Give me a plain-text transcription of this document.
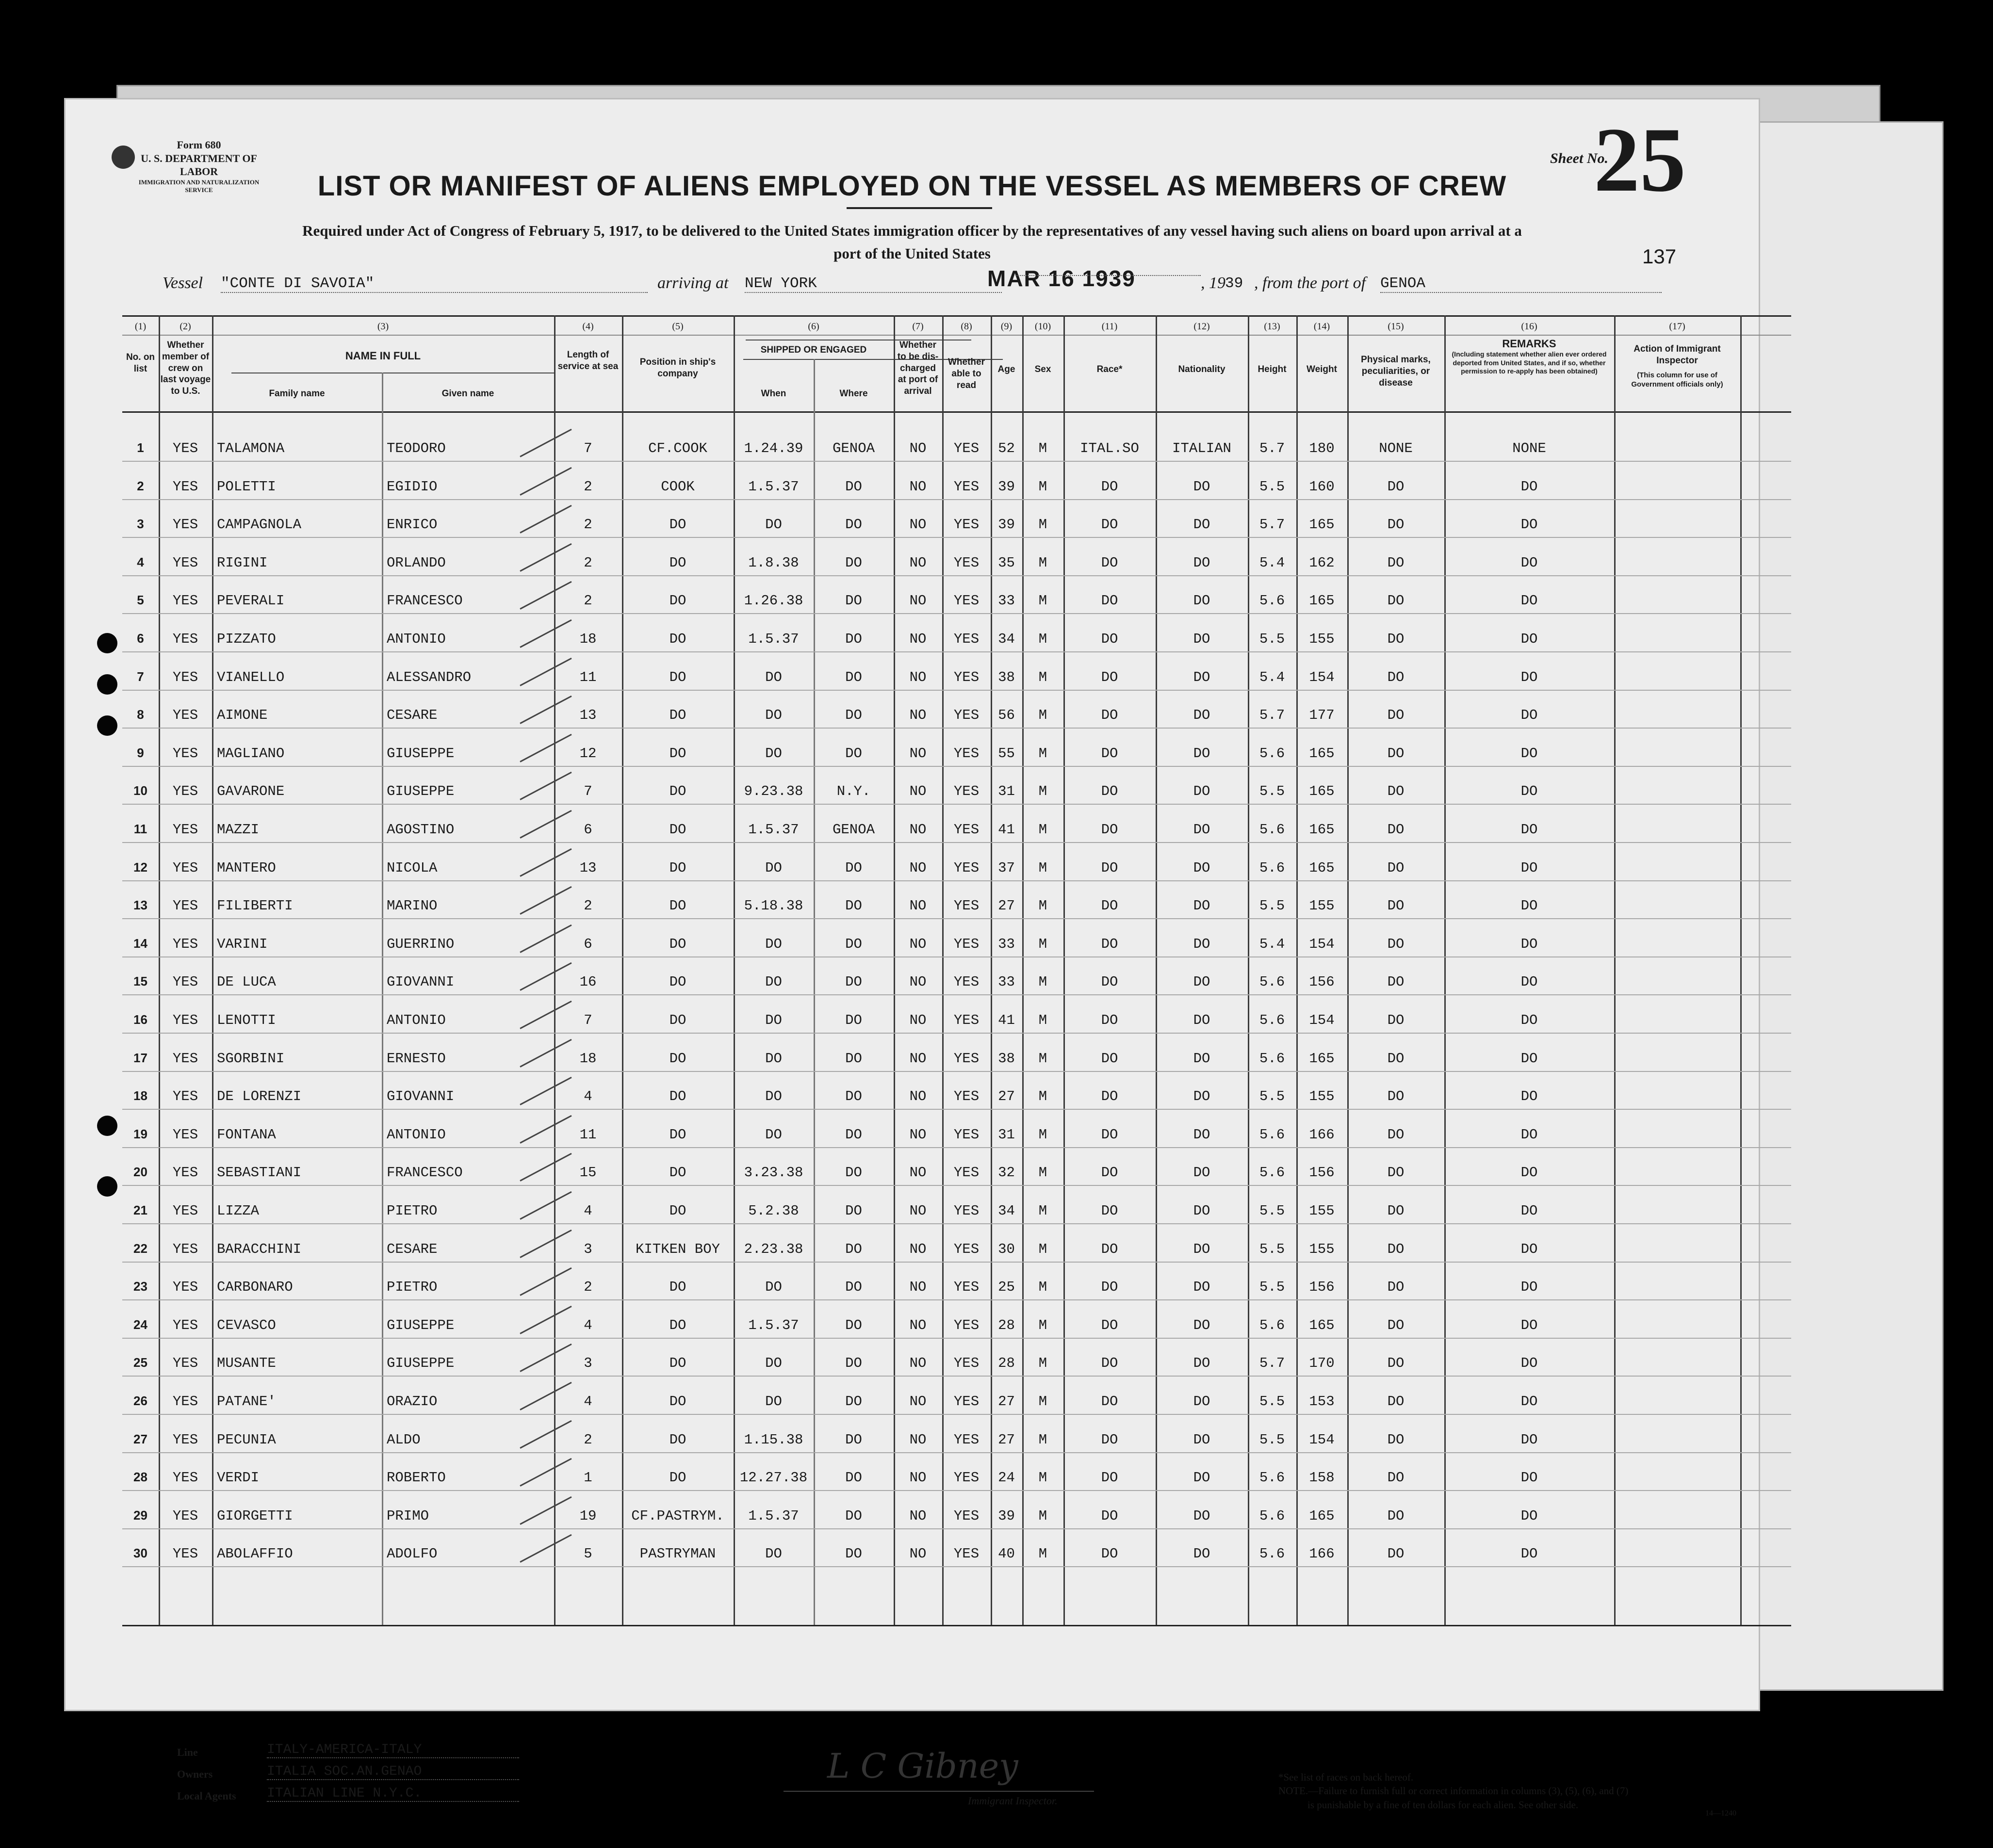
Form 680
U. S. DEPARTMENT OF LABOR
IMMIGRATION AND NATURALIZATION SERVICE
Sheet No.
25
LIST OR MANIFEST OF ALIENS EMPLOYED ON THE VESSEL AS MEMBERS OF CREW
Required under Act of Congress of February 5, 1917, to be delivered to the United States immigration officer by the representatives of any vessel having such aliens on board upon arrival at a
port of the United States	137
Vessel "CONTE DI SAVOIA"	arriving at NEW YORK	MAR 16 1939	, 19 39 , from the port of GENOA
(1)	(2)	(3)	(4)	(5)	(6)	(7)	(8)	(9)	(10)	(11)	(12)	(13)	(14)	(15)	(16)	(17)
No. on list
Whether member of crew on last voyage to U.S.
NAME IN FULL
Family name	Given name
Length of service at sea	Position in ship's company
SHIPPED OR ENGAGED
When	Where
Whether to be dis-charged at port of arrival
Whether able to read
Age	Sex	Race*	Nationality	Height	Weight
Physical marks, peculiarities, or disease
REMARKS
(Including statement whether alien ever ordered deported from United States, and if so, whether permission to re-apply has been obtained)
Action of Immigrant Inspector
(This column for use of Government officials only)
1	YES	TALAMONA	TEODORO	7	CF.COOK	1.24.39	GENOA	NO	YES	52	M	ITAL.SO	ITALIAN	5.7	180	NONE	NONE
2	YES	POLETTI	EGIDIO	2	COOK	1.5.37	DO	NO	YES	39	M	DO	DO	5.5	160	DO	DO
3	YES	CAMPAGNOLA	ENRICO	2	DO	DO	DO	NO	YES	39	M	DO	DO	5.7	165	DO	DO
4	YES	RIGINI	ORLANDO	2	DO	1.8.38	DO	NO	YES	35	M	DO	DO	5.4	162	DO	DO
5	YES	PEVERALI	FRANCESCO	2	DO	1.26.38	DO	NO	YES	33	M	DO	DO	5.6	165	DO	DO
6	YES	PIZZATO	ANTONIO	18	DO	1.5.37	DO	NO	YES	34	M	DO	DO	5.5	155	DO	DO
7	YES	VIANELLO	ALESSANDRO	11	DO	DO	DO	NO	YES	38	M	DO	DO	5.4	154	DO	DO
8	YES	AIMONE	CESARE	13	DO	DO	DO	NO	YES	56	M	DO	DO	5.7	177	DO	DO
9	YES	MAGLIANO	GIUSEPPE	12	DO	DO	DO	NO	YES	55	M	DO	DO	5.6	165	DO	DO
10	YES	GAVARONE	GIUSEPPE	7	DO	9.23.38	N.Y.	NO	YES	31	M	DO	DO	5.5	165	DO	DO
11	YES	MAZZI	AGOSTINO	6	DO	1.5.37	GENOA	NO	YES	41	M	DO	DO	5.6	165	DO	DO
12	YES	MANTERO	NICOLA	13	DO	DO	DO	NO	YES	37	M	DO	DO	5.6	165	DO	DO
13	YES	FILIBERTI	MARINO	2	DO	5.18.38	DO	NO	YES	27	M	DO	DO	5.5	155	DO	DO
14	YES	VARINI	GUERRINO	6	DO	DO	DO	NO	YES	33	M	DO	DO	5.4	154	DO	DO
15	YES	DE LUCA	GIOVANNI	16	DO	DO	DO	NO	YES	33	M	DO	DO	5.6	156	DO	DO
16	YES	LENOTTI	ANTONIO	7	DO	DO	DO	NO	YES	41	M	DO	DO	5.6	154	DO	DO
17	YES	SGORBINI	ERNESTO	18	DO	DO	DO	NO	YES	38	M	DO	DO	5.6	165	DO	DO
18	YES	DE LORENZI	GIOVANNI	4	DO	DO	DO	NO	YES	27	M	DO	DO	5.5	155	DO	DO
19	YES	FONTANA	ANTONIO	11	DO	DO	DO	NO	YES	31	M	DO	DO	5.6	166	DO	DO
20	YES	SEBASTIANI	FRANCESCO	15	DO	3.23.38	DO	NO	YES	32	M	DO	DO	5.6	156	DO	DO
21	YES	LIZZA	PIETRO	4	DO	5.2.38	DO	NO	YES	34	M	DO	DO	5.5	155	DO	DO
22	YES	BARACCHINI	CESARE	3	KITKEN BOY	2.23.38	DO	NO	YES	30	M	DO	DO	5.5	155	DO	DO
23	YES	CARBONARO	PIETRO	2	DO	DO	DO	NO	YES	25	M	DO	DO	5.5	156	DO	DO
24	YES	CEVASCO	GIUSEPPE	4	DO	1.5.37	DO	NO	YES	28	M	DO	DO	5.6	165	DO	DO
25	YES	MUSANTE	GIUSEPPE	3	DO	DO	DO	NO	YES	28	M	DO	DO	5.7	170	DO	DO
26	YES	PATANE'	ORAZIO	4	DO	DO	DO	NO	YES	27	M	DO	DO	5.5	153	DO	DO
27	YES	PECUNIA	ALDO	2	DO	1.15.38	DO	NO	YES	27	M	DO	DO	5.5	154	DO	DO
28	YES	VERDI	ROBERTO	1	DO	12.27.38	DO	NO	YES	24	M	DO	DO	5.6	158	DO	DO
29	YES	GIORGETTI	PRIMO	19	CF.PASTRYM.	1.5.37	DO	NO	YES	39	M	DO	DO	5.6	165	DO	DO
30	YES	ABOLAFFIO	ADOLFO	5	PASTRYMAN	DO	DO	NO	YES	40	M	DO	DO	5.6	166	DO	DO
Line	ITALY-AMERICA-ITALY
Owners	ITALIA SOC.AN.GENAO
Local Agents ITALIAN LINE N.Y.C.
L C Gibney
Immigrant Inspector.
*See list of races on back hereof.
NOTE.—Failure to furnish full or correct information in columns (3), (5), (6), and (7)
is punishable by a fine of ten dollars for each alien. See other side.
14—1240
